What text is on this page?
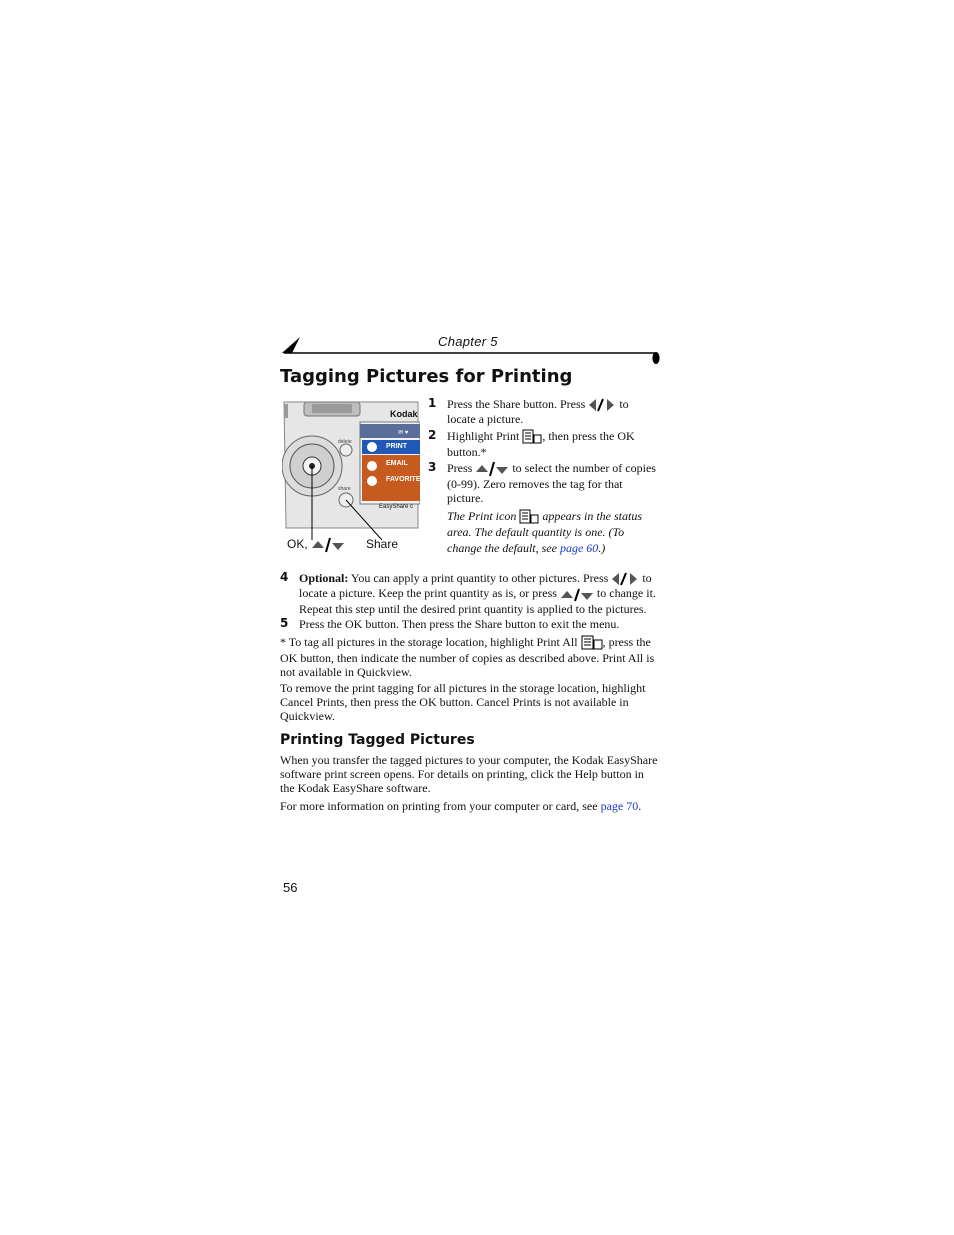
Chapter 5
Tagging Pictures for Printing
✉ ♥
Kodak
PRINT
EMAIL
FAVORITE
EasyShare c
delete
share
OK,	Share
1 Press the Share button. Press	to
locate a picture.
2 Highlight Print , then press the OK
button.*
3 Press	to select the number of copies
(0-99). Zero removes the tag for that
picture.
The Print icon appears in the status
area. The default quantity is one. (To
change the default, see page 60.)
4 Optional: You can apply a print quantity to other pictures. Press	to
locate a picture. Keep the print quantity as is, or press	to change it.
Repeat this step until the desired print quantity is applied to the pictures.
5 Press the OK button. Then press the Share button to exit the menu.
* To tag all pictures in the storage location, highlight Print All , press the
OK button, then indicate the number of copies as described above. Print All is
not available in Quickview.
To remove the print tagging for all pictures in the storage location, highlight
Cancel Prints, then press the OK button. Cancel Prints is not available in
Quickview.
Printing Tagged Pictures
When you transfer the tagged pictures to your computer, the Kodak EasyShare
software print screen opens. For details on printing, click the Help button in
the Kodak EasyShare software.
For more information on printing from your computer or card, see page 70.
56
